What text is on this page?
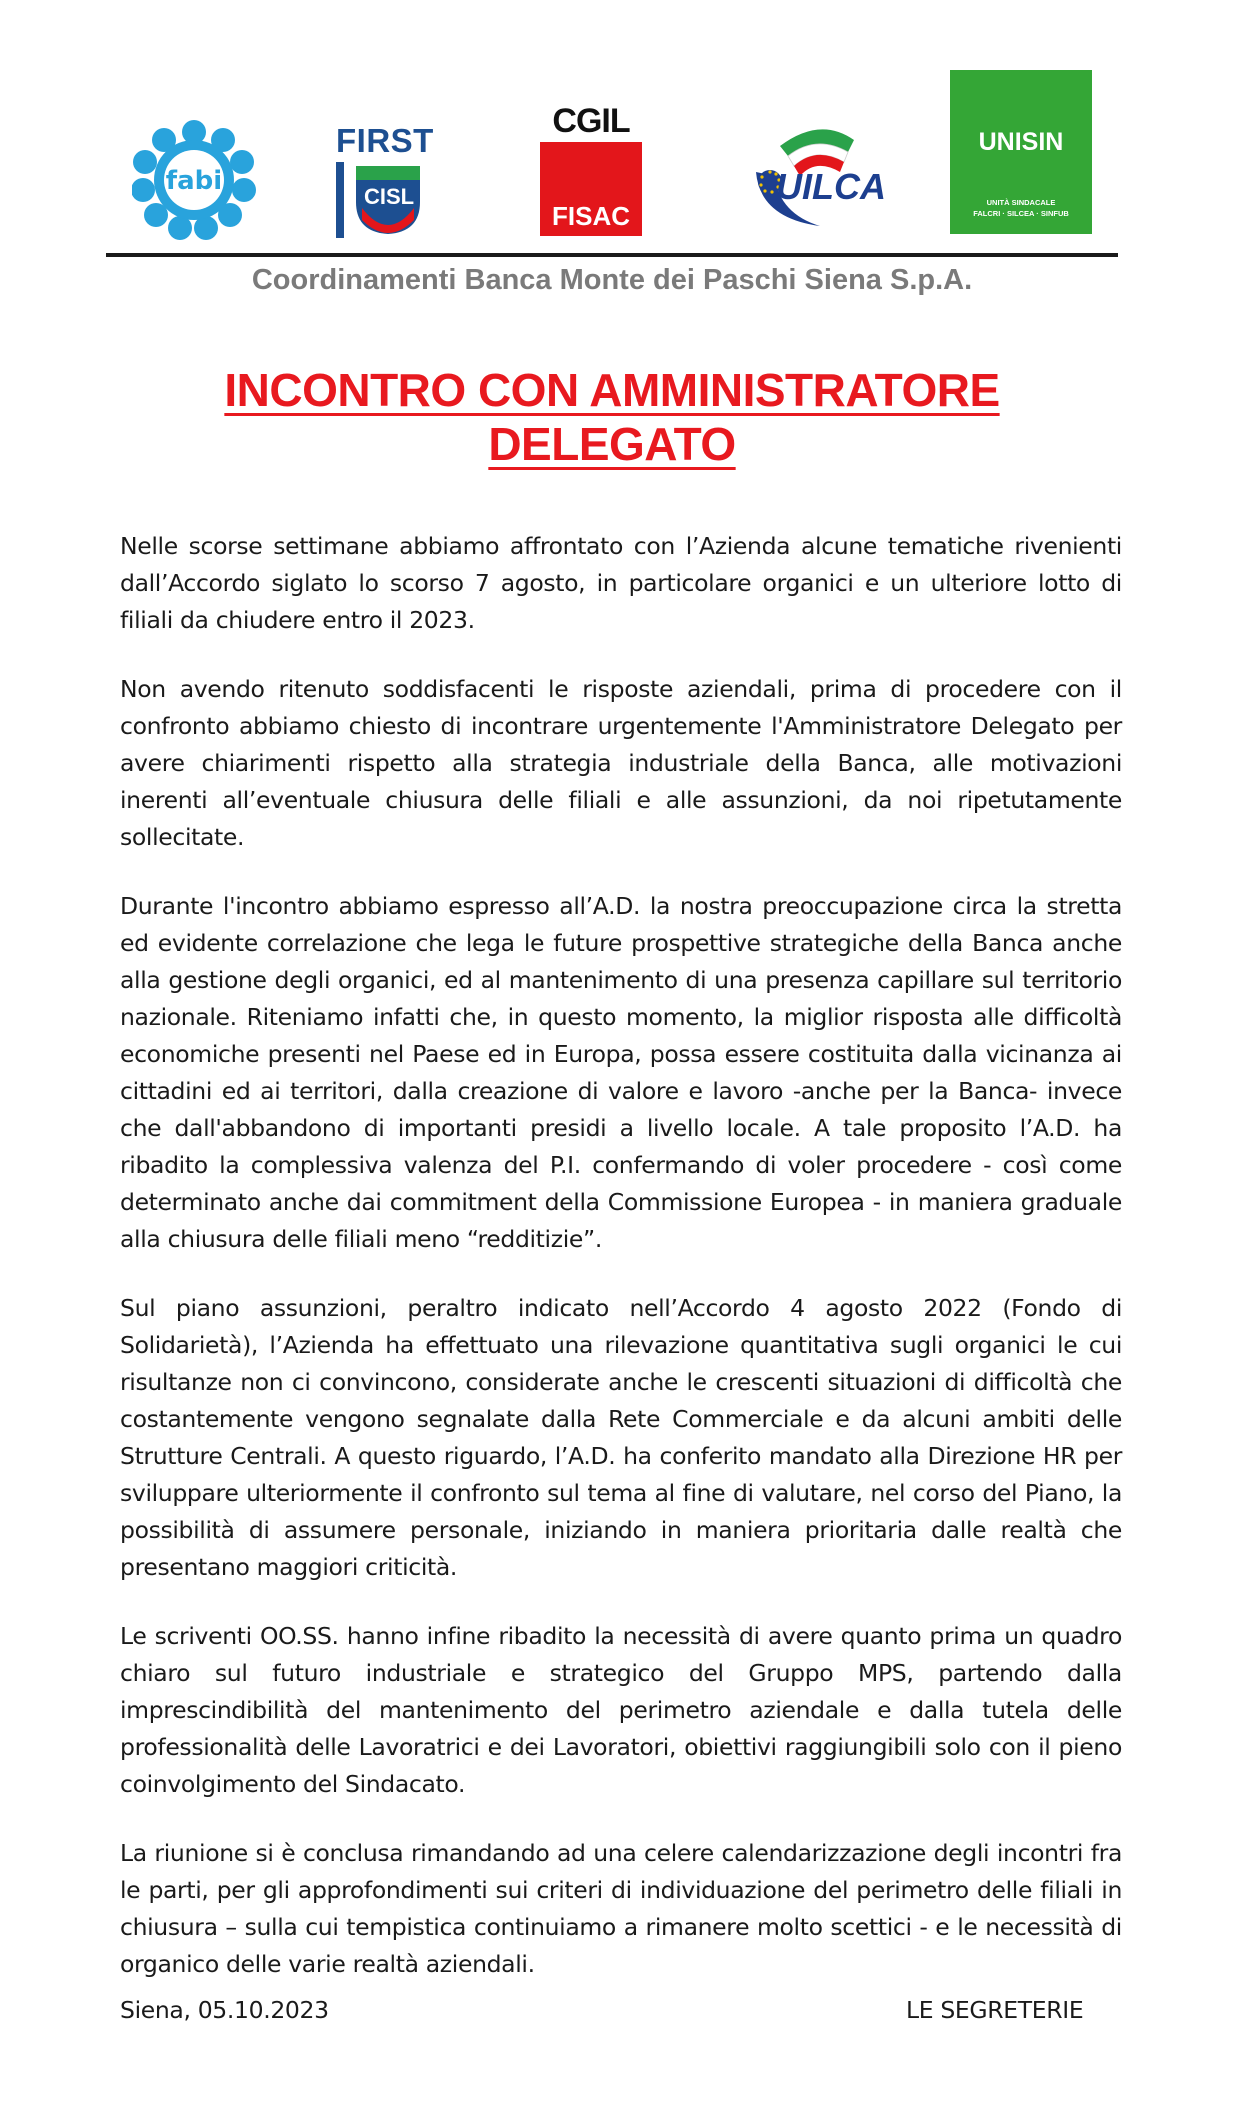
fabi
FIRST
CISL
CGIL
FISAC
UILCA
UNISIN
UNITÀ SINDACALE
FALCRI · SILCEA · SINFUB
Coordinamenti Banca Monte dei Paschi Siena S.p.A.
INCONTRO CON AMMINISTRATORE DELEGATO

Nelle scorse settimane abbiamo affrontato con l’Azienda alcune tematiche rivenienti dall’Accordo siglato lo scorso 7 agosto, in particolare organici e un ulteriore lotto di filiali da chiudere entro il 2023.

Non avendo ritenuto soddisfacenti le risposte aziendali, prima di procedere con il confronto abbiamo chiesto di incontrare urgentemente l'Amministratore Delegato per avere chiarimenti rispetto alla strategia industriale della Banca, alle motivazioni inerenti all’eventuale chiusura delle filiali e alle assunzioni, da noi ripetutamente sollecitate.

Durante l'incontro abbiamo espresso all’A.D. la nostra preoccupazione circa la stretta ed evidente correlazione che lega le future prospettive strategiche della Banca anche alla gestione degli organici, ed al mantenimento di una presenza capillare sul territorio nazionale. Riteniamo infatti che, in questo momento, la miglior risposta alle difficoltà economiche presenti nel Paese ed in Europa, possa essere costituita dalla vicinanza ai cittadini ed ai territori, dalla creazione di valore e lavoro -anche per la Banca- invece che dall'abbandono di importanti presidi a livello locale. A tale proposito l’A.D. ha ribadito la complessiva valenza del P.I. confermando di voler procedere - così come determinato anche dai commitment della Commissione Europea - in maniera graduale alla chiusura delle filiali meno “redditizie”.

Sul piano assunzioni, peraltro indicato nell’Accordo 4 agosto 2022 (Fondo di Solidarietà), l’Azienda ha effettuato una rilevazione quantitativa sugli organici le cui risultanze non ci convincono, considerate anche le crescenti situazioni di difficoltà che costantemente vengono segnalate dalla Rete Commerciale e da alcuni ambiti delle Strutture Centrali. A questo riguardo, l’A.D. ha conferito mandato alla Direzione HR per sviluppare ulteriormente il confronto sul tema al fine di valutare, nel corso del Piano, la possibilità di assumere personale, iniziando in maniera prioritaria dalle realtà che presentano maggiori criticità.

Le scriventi OO.SS. hanno infine ribadito la necessità di avere quanto prima un quadro chiaro sul futuro industriale e strategico del Gruppo MPS, partendo dalla imprescindibilità del mantenimento del perimetro aziendale e dalla tutela delle professionalità delle Lavoratrici e dei Lavoratori, obiettivi raggiungibili solo con il pieno coinvolgimento del Sindacato.

La riunione si è conclusa rimandando ad una celere calendarizzazione degli incontri fra le parti, per gli approfondimenti sui criteri di individuazione del perimetro delle filiali in chiusura – sulla cui tempistica continuiamo a rimanere molto scettici - e le necessità di organico delle varie realtà aziendali.

Siena, 05.10.2023	LE SEGRETERIE
